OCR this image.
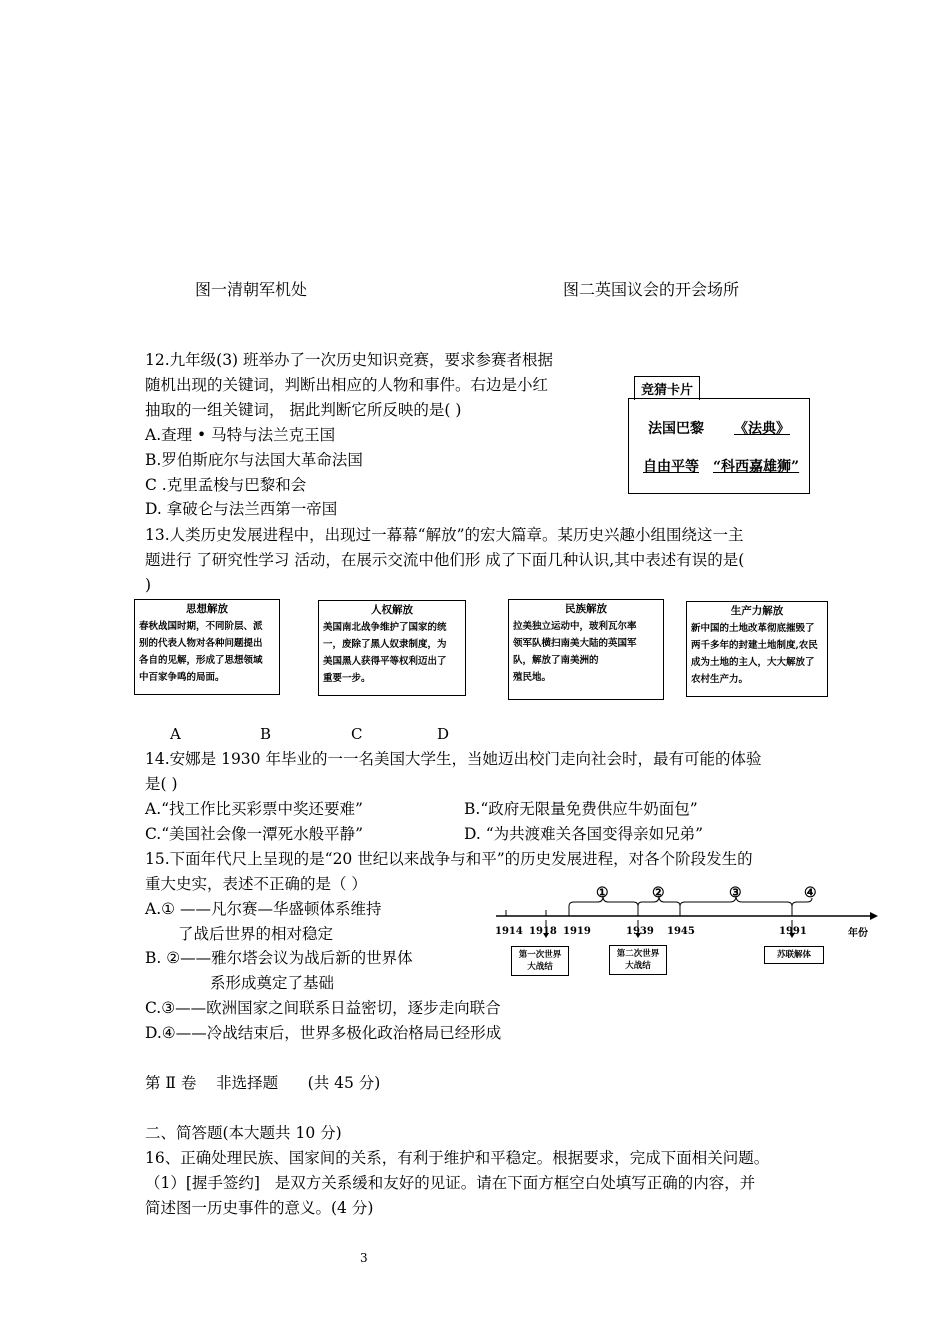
图一清朝军机处	图二英国议会的开会场所
12.九年级(3) 班举办了一次历史知识竞赛，要求参赛者根据
随机出现的关键词，判断出相应的人物和事件。右边是小红
抽取的一组关键词， 据此判断它所反映的是( )
A.查理 • 马特与法兰克王国
B.罗伯斯庇尔与法国大革命法国
C .克里孟梭与巴黎和会
D. 拿破仑与法兰西第一帝国
竞猜卡片
法国巴黎 《法典》
自由平等 “科西嘉雄狮”
13.人类历史发展进程中，出现过一幕幕“解放”的宏大篇章。某历史兴趣小组围绕这一主
题进行 了研究性学习 活动，在展示交流中他们形 成了下面几种认识,其中表述有误的是(
)
思想解放
春秋战国时期，不同阶层、派
别的代表人物对各种问题提出
各自的见解，形成了思想领域
中百家争鸣的局面。
人权解放
美国南北战争维护了国家的统
一，废除了黑人奴隶制度，为
美国黑人获得平等权利迈出了
重要一步。
民族解放
拉美独立运动中，玻利瓦尔率
领军队横扫南美大陆的英国军
队，解放了南美洲的
殖民地。
生产力解放
新中国的土地改革彻底摧毁了
两千多年的封建土地制度,农民
成为土地的主人，大大解放了
农村生产力。
A	B	C	D
14.安娜是 1930 年毕业的一一名美国大学生，当她迈出校门走向社会时，最有可能的体验
是( )
A.“找工作比买彩票中奖还要难”	B.“政府无限量免费供应牛奶面包”
C.“美国社会像一潭死水般平静”	D. “为共渡难关各国变得亲如兄弟”
15.下面年代尺上呈现的是“20 世纪以来战争与和平”的历史发展进程，对各个阶段发生的
重大史实，表述不正确的是（ ）
A.① ——凡尔赛—华盛顿体系维持
了战后世界的相对稳定
B. ②——雅尔塔会议为战后新的世界体
系形成奠定了基础
C.③——欧洲国家之间联系日益密切，逐步走向联合
D.④——冷战结束后，世界多极化政治格局已经形成
①	②	③	④
1914 1918 1919	1939 1945	1991	年份
第一次世界大战结
第二次世界大战结
苏联解体
第 Ⅱ 卷    非选择题      (共 45 分)
二、简答题(本大题共 10 分)
16、正确处理民族、国家间的关系，有利于维护和平稳定。根据要求，完成下面相关问题。
（1）[握手签约]   是双方关系缓和友好的见证。请在下面方框空白处填写正确的内容，并
简述图一历史事件的意义。(4 分)
3
